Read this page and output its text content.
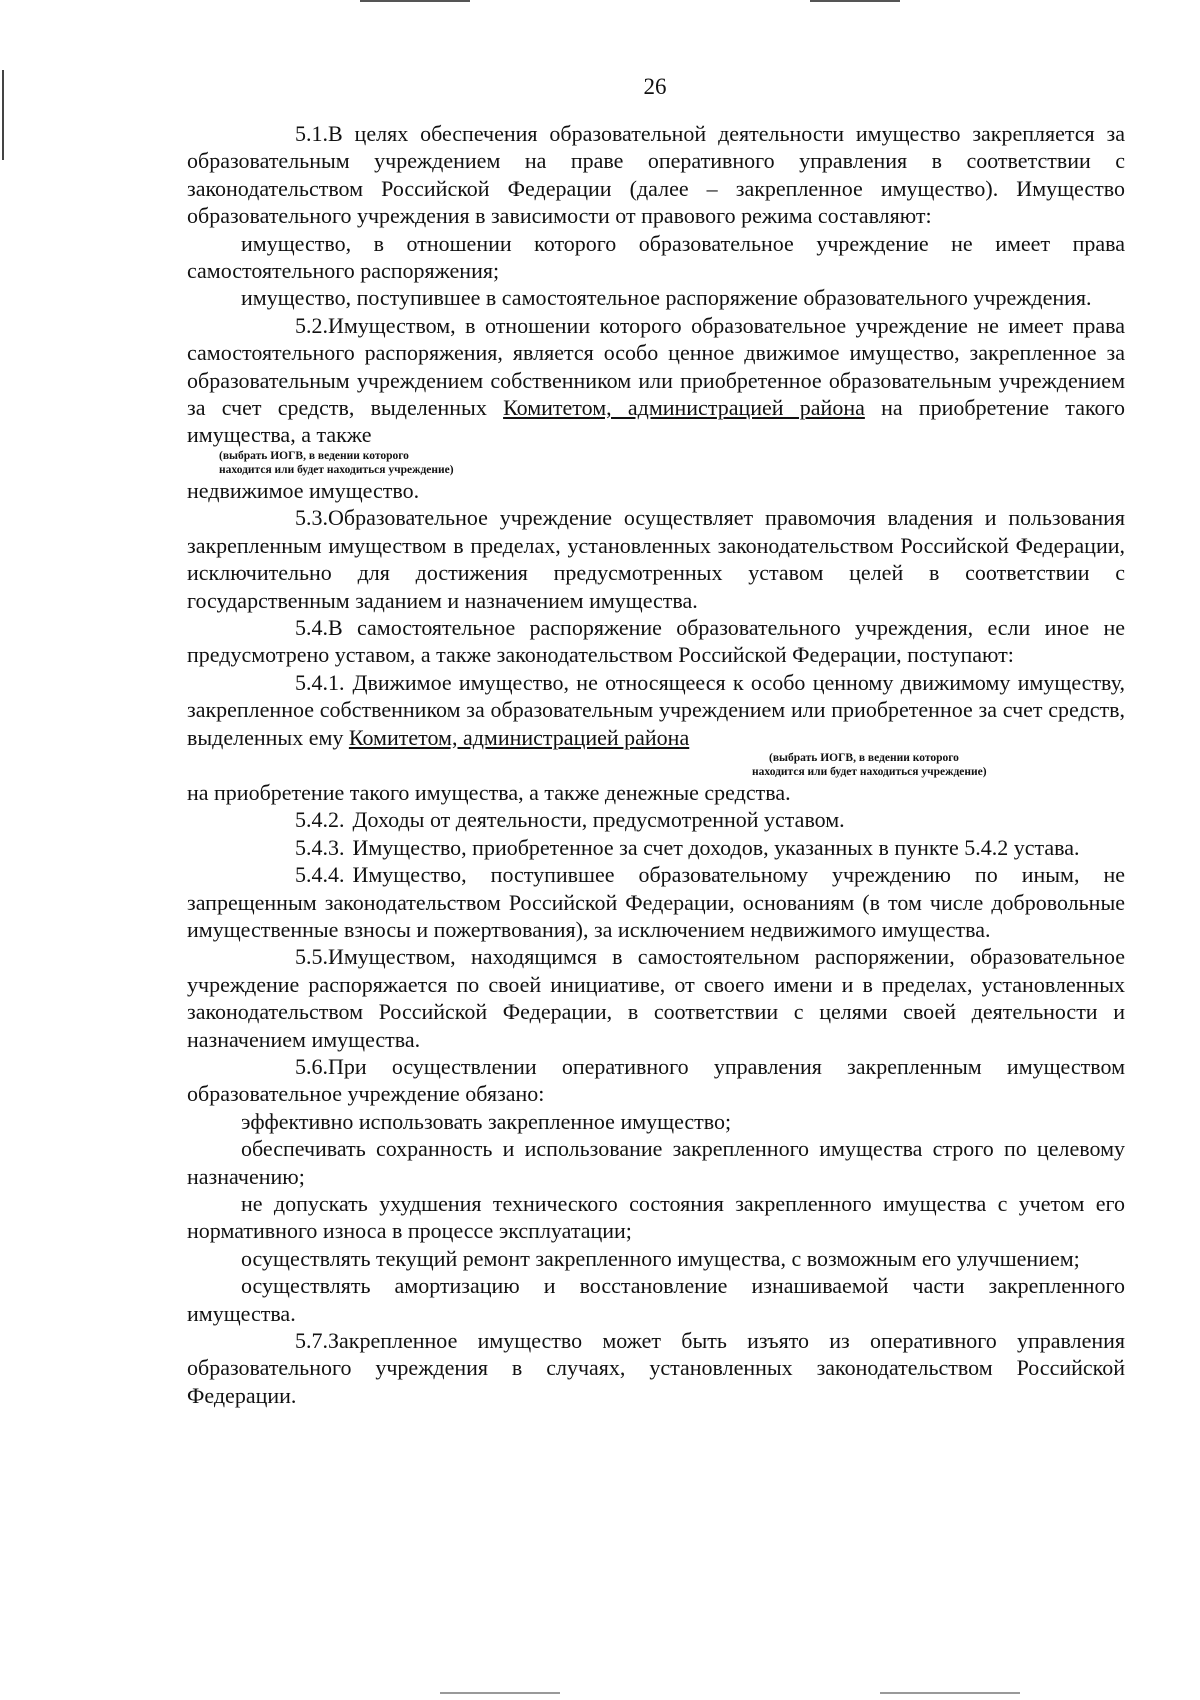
26

5.1.В целях обеспечения образовательной деятельности имущество закрепляется за образовательным учреждением на праве оперативного управления в соответствии с законодательством Российской Федерации (далее – закрепленное имущество). Имущество образовательного учреждения в зависимости от правового режима составляют:

имущество, в отношении которого образовательное учреждение не имеет права самостоятельного распоряжения;

имущество, поступившее в самостоятельное распоряжение образовательного учреждения.

5.2.Имуществом, в отношении которого образовательное учреждение не имеет права самостоятельного распоряжения, является особо ценное движимое имущество, закрепленное за образовательным учреждением собственником или приобретенное образовательным учреждением за счет средств, выделенных Комитетом, администрацией района на приобретение такого имущества, а также

(выбрать ИОГВ, в ведении которого
находится или будет находиться учреждение)

недвижимое имущество.

5.3.Образовательное учреждение осуществляет правомочия владения и пользования закрепленным имуществом в пределах, установленных законодательством Российской Федерации, исключительно для достижения предусмотренных уставом целей в соответствии с государственным заданием и назначением имущества.

5.4.В самостоятельное распоряжение образовательного учреждения, если иное не предусмотрено уставом, а также законодательством Российской Федерации, поступают:

5.4.1. Движимое имущество, не относящееся к особо ценному движимому имуществу, закрепленное собственником за образовательным учреждением или приобретенное за счет средств, выделенных ему Комитетом, администрацией района

(выбрать ИОГВ, в ведении которого
находится или будет находиться учреждение)

на приобретение такого имущества, а также денежные средства.

5.4.2. Доходы от деятельности, предусмотренной уставом.

5.4.3. Имущество, приобретенное за счет доходов, указанных в пункте 5.4.2 устава.

5.4.4. Имущество, поступившее образовательному учреждению по иным, не запрещенным законодательством Российской Федерации, основаниям (в том числе добровольные имущественные взносы и пожертвования), за исключением недвижимого имущества.

5.5.Имуществом, находящимся в самостоятельном распоряжении, образовательное учреждение распоряжается по своей инициативе, от своего имени и в пределах, установленных законодательством Российской Федерации, в соответствии с целями своей деятельности и назначением имущества.

5.6.При осуществлении оперативного управления закрепленным имуществом образовательное учреждение обязано:

эффективно использовать закрепленное имущество;

обеспечивать сохранность и использование закрепленного имущества строго по целевому назначению;

не допускать ухудшения технического состояния закрепленного имущества с учетом его нормативного износа в процессе эксплуатации;

осуществлять текущий ремонт закрепленного имущества, с возможным его улучшением;

осуществлять амортизацию и восстановление изнашиваемой части закрепленного имущества.

5.7.Закрепленное имущество может быть изъято из оперативного управления образовательного учреждения в случаях, установленных законодательством Российской Федерации.
